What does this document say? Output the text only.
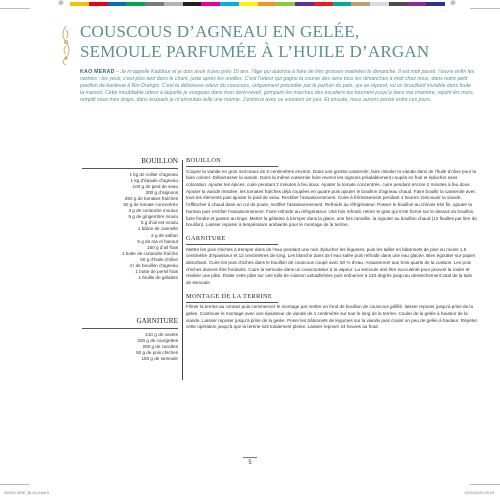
⊕	⊕
COUSCOUS D’AGNEAU EN GELÉE,
SEMOULE PARFUMÉE À L’HUILE D’ARGAN
KAO MERAD – Je m’appelle Kaddour et je dois avoir à peu près 15 ans. l’âge qui autorise à faire de très grosses matinées le dimanche. Il est midi passé. l’ouvre enfin les narines : les yeux, c’est plus tard dans le chant, juste après les oreilles. C’est l’odeur qui gagne la course des sens tous les dimanches à midi chez nous, dans notre petit pavillon de banlieue à Ris-Orangis. C’est la délicieuse odeur du couscous, uniquement précédée par le parfum du pain, qui se répand, roi un brouillard invisible dans toute la maison. Cette inoubliable odeur à laquelle je songeais dans mon demi-réveil, grimpant les marches des escaliers qui tournent jusqu’à dans ma chambre, rejoint les murs, remplit sous mes draps, dans lesquels je m’enroulais telle une momie. J’entrerai avec ce souvenir un jour. Et ensuite, nous aurons pensé entre ces jours.
BOUILLON
1 kg de collier d’agneau
1 kg d’épaule d’agneau
100 g de pied de veau
300 g d’oignons
250 g de tomates fraîches
50 g de tomate concentrée
3 g de coriandre moulue
5 g de gingembre moulu
5 g d’ail est moulu
1 bâton de cannelle
2 g de safran
5 g de ras el hanout
150 g d’ail frais
1 botte de coriandre fraîche
50 g d’huile d’olive
4 l de bouillon d’agneau
1 botte de persil frais
1 feuille de gélatine
GARNITURE
210 g de navets
200 g de courgettes
200 g de carottes
50 g de pois chiches
150 g de semoule
BOUILLON
Couper la viande en gros morceaux de 5 centimètres environ. Dans une grosse casserole, faire rissoler la viande dans de l’huile d’olive pour la faire colorer. Débarrasser la viande. Dans la même casserole faire revenir les oignons préalablement coupés en fruit et éplucher sans coloration. Ajouter les épices, cuire pendant 2 minutes à feu doux. Ajouter la tomate concentrée, cuire pendant encore 2 minutes à feu doux. Ajouter la viande rissolée, les tomates fraîches déjà coupées en quatre puis ajouter le bouillon d’agneau chaud. Faire bouillir la casserole avec tous les éléments puis ajouter le pied de veau. Rectifier l’assaisonnement. Cuire à frémissement pendant 4 heures. Découvrir la viande, l’effilocher à chaud dans un cul de poule, rectifier l’assaisonnement. Refroidir au réfrigérateur. Passer le bouillon au chinois très fin, ajouter la harissa puis rectifier l’assaisonnement. Faire refroidir au réfrigérateur. Une fois refroidi, retirer le gras qui s’est formé sur le dessus du bouillon, faire fondre et passer au tinge. Mettre la gélatine à tremper dans la glace, une fois ramollie, la rajouter au bouillon chaud (12 feuilles par litre de bouillon). Laisser reposer à température ambiante pour le montage de la terrine.
GARNITURE
Mettre les pois chiches à tremper dans de l’eau pendant une nuit. Éplucher les légumes, puis les tailler en bâtonnets de plus ou moins 1,5 centimètre d’épaisseur et 12 centimètres de long. Les blanchir dans de l’eau salée puis refroidir dans une eau glacée. Bien égoutter sur papier absorbant. Cuire les pois chiches dans le bouillon de couscous coupé avec 50 % d’eau. Assaisonner aux trois quarts de la cuisson. Les pois chiches doivent être fondants. Cuire la semoule dans un couscoussier à la vapeur. La semoule doit être succulente pour pouvoir la rouler et réaliser une pâte. Étaler cette pâte sur une toile de cuisson antiadhésive puis enfourner à 140 degrés jusqu’au dessèchement total de la tuile de semoule.
MONTAGE DE LA TERRINE
Filmer la terrine au contact puis commencer le montage par mettre un fond de bouillon de couscous gélifié, laisser reposer jusqu’à prise de la gelée. Continuer le montage avec une épaisseur de viande de 1 centimètre sur tout le long de la terrine. Couler de la gelée à hauteur de la viande. Laisser reposer jusqu’à prise de la gelée. Poser les bâtonnets de légumes sur la viande puis couler un peu de gelée à hauteur. Répéter cette opération jusqu’à que la terrine soit totalement pleine. Laisser reposer 24 heures au froid.
5
40001LIVRE_BLAD.indd 5	10/01/2020 09:29
